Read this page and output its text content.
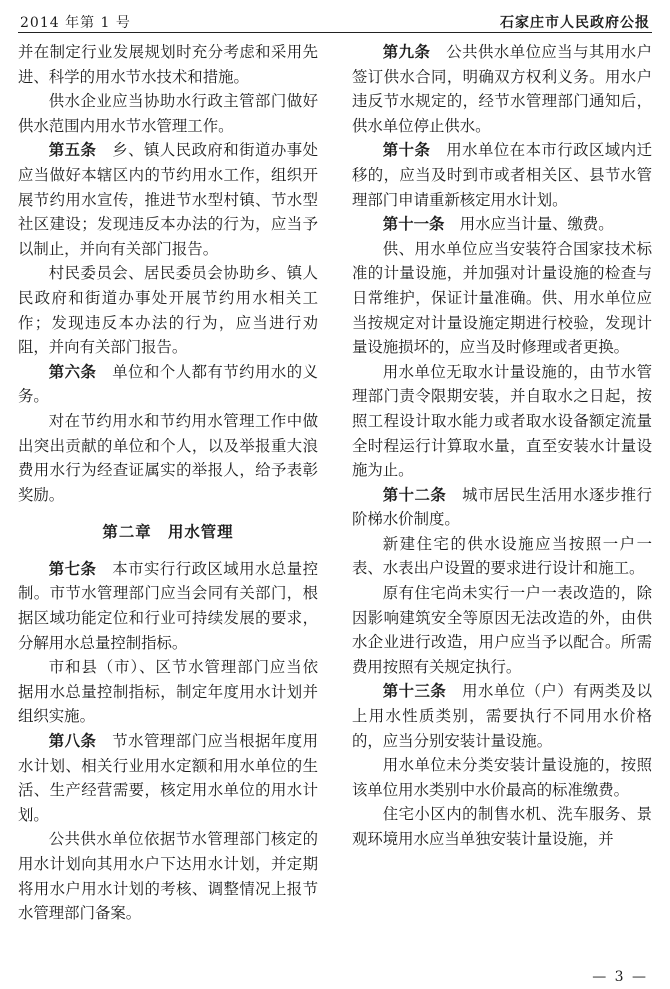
2014 年第 1 号	石家庄市人民政府公报

并在制定行业发展规划时充分考虑和采用先进、科学的用水节水技术和措施。

供水企业应当协助水行政主管部门做好供水范围内用水节水管理工作。

第五条　 乡、镇人民政府和街道办事处应当做好本辖区内的节约用水工作，组织开展节约用水宣传，推进节水型村镇、节水型社区建设；发现违反本办法的行为，应当予以制止，并向有关部门报告。

村民委员会、居民委员会协助乡、镇人民政府和街道办事处开展节约用水相关工作；发现违反本办法的行为，应当进行劝阻，并向有关部门报告。

第六条　 单位和个人都有节约用水的义务。

对在节约用水和节约用水管理工作中做出突出贡献的单位和个人，以及举报重大浪费用水行为经查证属实的举报人，给予表彰奖励。

第二章　用水管理

第七条　 本市实行行政区域用水总量控制。市节水管理部门应当会同有关部门，根据区域功能定位和行业可持续发展的要求，分解用水总量控制指标。

市和县（市）、区节水管理部门应当依据用水总量控制指标，制定年度用水计划并组织实施。

第八条　 节水管理部门应当根据年度用水计划、相关行业用水定额和用水单位的生活、生产经营需要，核定用水单位的用水计划。

公共供水单位依据节水管理部门核定的用水计划向其用水户下达用水计划，并定期将用水户用水计划的考核、调整情况上报节水管理部门备案。

第九条　 公共供水单位应当与其用水户签订供水合同，明确双方权利义务。用水户违反节水规定的，经节水管理部门通知后，供水单位停止供水。

第十条　 用水单位在本市行政区域内迁移的，应当及时到市或者相关区、县节水管理部门申请重新核定用水计划。

第十一条　 用水应当计量、缴费。

供、用水单位应当安装符合国家技术标准的计量设施，并加强对计量设施的检查与日常维护，保证计量准确。供、用水单位应当按规定对计量设施定期进行校验，发现计量设施损坏的，应当及时修理或者更换。

用水单位无取水计量设施的，由节水管理部门责令限期安装，并自取水之日起，按照工程设计取水能力或者取水设备额定流量全时程运行计算取水量，直至安装水计量设施为止。

第十二条　 城市居民生活用水逐步推行阶梯水价制度。

新建住宅的供水设施应当按照一户一表、水表出户设置的要求进行设计和施工。

原有住宅尚未实行一户一表改造的，除因影响建筑安全等原因无法改造的外，由供水企业进行改造，用户应当予以配合。所需费用按照有关规定执行。

第十三条　 用水单位（户）有两类及以上用水性质类别，需要执行不同用水价格的，应当分别安装计量设施。

用水单位未分类安装计量设施的，按照该单位用水类别中水价最高的标准缴费。

住宅小区内的制售水机、洗车服务、景观环境用水应当单独安装计量设施，并

— 3 —
